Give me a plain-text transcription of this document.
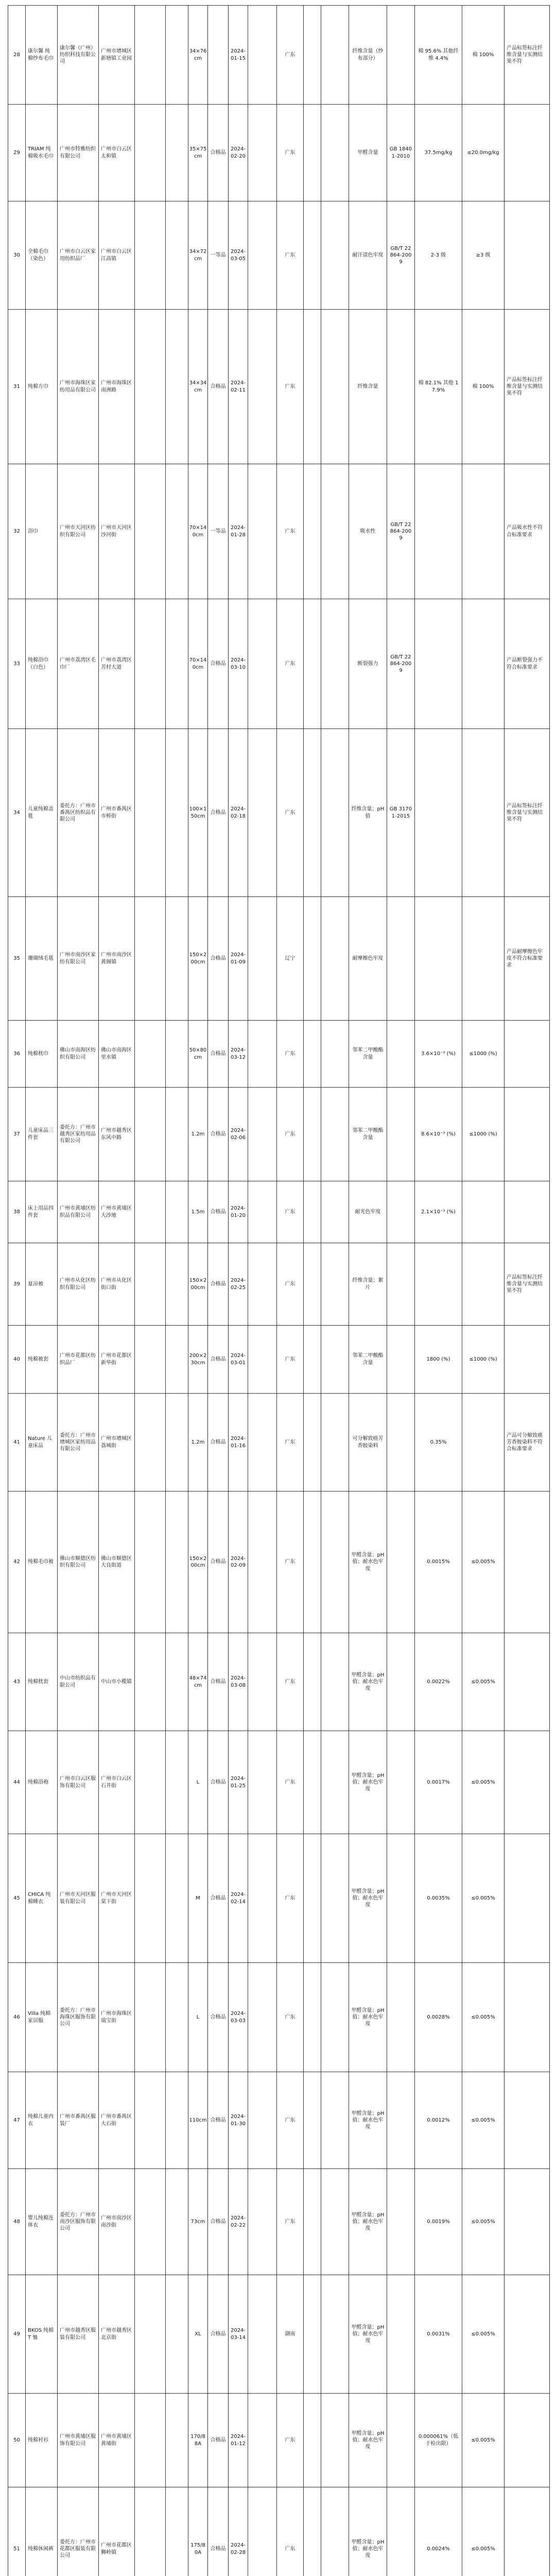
28	康尔馨 纯棉纱布毛巾	康尔馨（广州）纺织科技有限公司	广州市增城区新塘镇工业园			34×76cm		2024-01-15		广东			纤维含量（纱布部分）		棉 95.6% 其他纤维 4.4%	棉 100%	产品标签标注纤维含量与实测结果不符
29	TRIAM 纯棉吸水毛巾	广州市特雅纺织有限公司	广州市白云区太和镇			35×75cm	合格品	2024-02-20		广东			甲醛含量	GB 18401-2010	37.5mg/kg	≤20.0mg/kg	
30	全棉毛巾（染色）	广州市白云区家用纺织品厂	广州市白云区江高镇			34×72cm	一等品	2024-03-05		广东			耐汗渍色牢度	GB/T 22864-2009	2-3 级	≥3 级	
31	纯棉方巾	广州市海珠区家纺用品有限公司	广州市海珠区南洲路			34×34cm	合格品	2024-02-11		广东			纤维含量		棉 82.1% 其他 17.9%	棉 100%	产品标签标注纤维含量与实测结果不符
32	浴巾	广州市天河区纺织有限公司	广州市天河区沙河街			70×140cm	一等品	2024-01-28		广东			吸水性	GB/T 22864-2009			产品吸水性不符合标准要求
33	纯棉浴巾（白色）	广州市荔湾区毛巾厂	广州市荔湾区芳村大道			70×140cm	合格品	2024-03-10		广东			断裂强力	GB/T 22864-2009			产品断裂强力不符合标准要求
34	儿童纯棉盖毯	委托方：广州市番禺区纺织品有限公司	广州市番禺区市桥街			100×150cm	合格品	2024-02-18		广东			纤维含量；pH 值	GB 31701-2015			产品标签标注纤维含量与实测结果不符
35	珊瑚绒毛毯	广州市南沙区家纺有限公司	广州市南沙区黄阁镇			150×200cm	合格品	2024-01-09		辽宁			耐摩擦色牢度				产品耐摩擦色牢度不符合标准要求
36	纯棉枕巾	佛山市南海区纺织有限公司	佛山市南海区里水镇			50×80cm	合格品	2024-03-12		广东			邻苯二甲酸酯含量		3.6×10⁻³ (%)	≤1000 (%)	
37	儿童床品三件套	委托方：广州市越秀区家纺用品有限公司	广州市越秀区东风中路			1.2m	合格品	2024-02-06		广东			邻苯二甲酸酯含量		8.6×10⁻³ (%)	≤1000 (%)	
38	床上用品四件套	广州市黄埔区纺织品有限公司	广州市黄埔区大沙地			1.5m	合格品	2024-01-20		广东			耐光色牢度		2.1×10⁻³ (%)		
39	夏凉被	广州市从化区纺织有限公司	广州市从化区街口街			150×200cm	合格品	2024-02-25		广东			纤维含量；絮片				产品标签标注纤维含量与实测结果不符
40	纯棉被套	广州市花都区纺织品厂	广州市花都区新华街			200×230cm	合格品	2024-03-01		广东			邻苯二甲酸酯含量		1800 (%)	≤1000 (%)	
41	Nature 儿童床品	委托方：广州市增城区家纺用品有限公司	广州市增城区荔城街			1.2m	合格品	2024-01-16		广东			可分解致癌芳香胺染料		0.35%		产品可分解致癌芳香胺染料不符合标准要求
42	纯棉毛巾被	佛山市顺德区纺织有限公司	佛山市顺德区大良街道			150×200cm	合格品	2024-02-09		广东			甲醛含量；pH 值；耐水色牢度		0.0015%	≤0.005%	
43	纯棉枕套	中山市纺织品有限公司	中山市小榄镇			48×74cm	合格品	2024-03-08		广东			甲醛含量；pH 值；耐水色牢度		0.0022%	≤0.005%	
44	纯棉浴袍	广州市白云区服饰有限公司	广州市白云区石井街			L	合格品	2024-01-25		广东			甲醛含量；pH 值；耐水色牢度		0.0017%	≤0.005%	
45	CHICA 纯棉睡衣	广州市天河区服装有限公司	广州市天河区棠下街			M	合格品	2024-02-14		广东			甲醛含量；pH 值；耐水色牢度		0.0035%	≤0.005%	
46	Villa 纯棉家居服	委托方：广州市海珠区服饰有限公司	广州市海珠区瑞宝街			L	合格品	2024-03-03		广东			甲醛含量；pH 值；耐水色牢度		0.0028%	≤0.005%	
47	纯棉儿童内衣	广州市番禺区服装厂	广州市番禺区大石街			110cm	合格品	2024-01-30		广东			甲醛含量；pH 值；耐水色牢度		0.0012%	≤0.005%	
48	婴儿纯棉连体衣	委托方：广州市南沙区服饰有限公司	广州市南沙区南沙街			73cm	合格品	2024-02-22		广东			甲醛含量；pH 值；耐水色牢度		0.0019%	≤0.005%	
49	BKOS 纯棉 T 恤	广州市越秀区服装有限公司	广州市越秀区北京街			XL	合格品	2024-03-14		湖南			甲醛含量；pH 值；耐水色牢度		0.0031%	≤0.005%	
50	纯棉衬衫	广州市黄埔区服饰有限公司	广州市黄埔区黄埔街			170/88A	合格品	2024-01-12		广东			甲醛含量；pH 值；耐水色牢度		0.000061%（低于检出限）	≤0.005%	
51	纯棉休闲裤	委托方：广州市花都区服装有限公司	广州市花都区狮岭镇			175/80A	合格品	2024-02-28		广东			甲醛含量；pH 值；耐水色牢度		0.0024%	≤0.005%	
